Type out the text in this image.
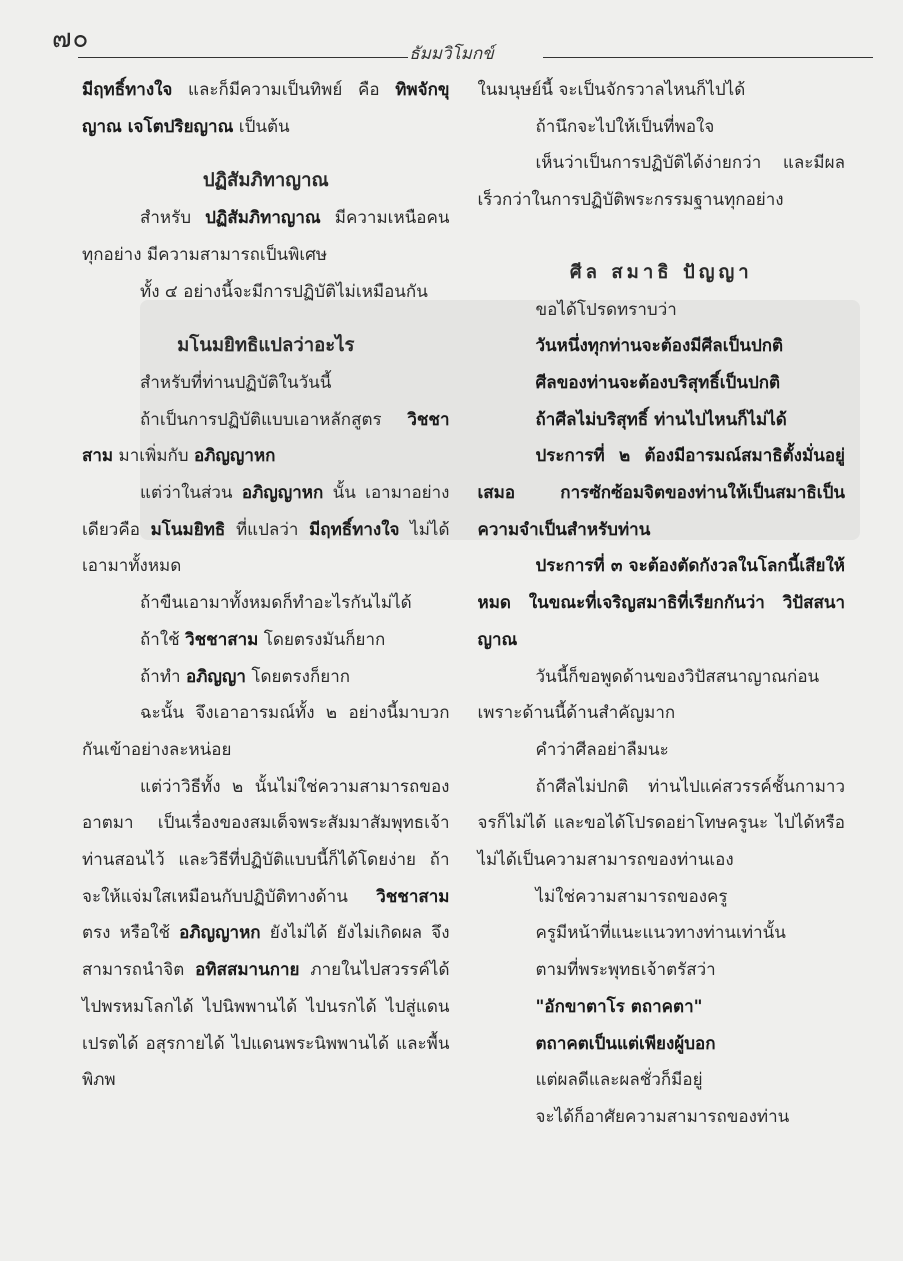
๗๐	ธัมมวิโมกข์

มีฤทธิ์ทางใจ และก็มีความเป็นทิพย์ คือ ทิพจักขุญาณ เจโตปริยญาณ เป็นต้น

ปฏิสัมภิทาญาณ

สำหรับ ปฏิสัมภิทาญาณ มีความเหนือคนทุกอย่าง มีความสามารถเป็นพิเศษ

ทั้ง ๔ อย่างนี้จะมีการปฏิบัติไม่เหมือนกัน

มโนมยิทธิแปลว่าอะไร

สำหรับที่ท่านปฏิบัติในวันนี้

ถ้าเป็นการปฏิบัติแบบเอาหลักสูตร วิชชาสาม มาเพิ่มกับ อภิญญาหก

แต่ว่าในส่วน อภิญญาหก นั้น เอามาอย่างเดียวคือ มโนมยิทธิ ที่แปลว่า มีฤทธิ์ทางใจ ไม่ได้เอามาทั้งหมด

ถ้าขืนเอามาทั้งหมดก็ทำอะไรกันไม่ได้

ถ้าใช้ วิชชาสาม โดยตรงมันก็ยาก

ถ้าทำ อภิญญา โดยตรงก็ยาก

ฉะนั้น จึงเอาอารมณ์ทั้ง ๒ อย่างนี้มาบวกกันเข้าอย่างละหน่อย

แต่ว่าวิธีทั้ง ๒ นั้นไม่ใช่ความสามารถของอาตมา เป็นเรื่องของสมเด็จพระสัมมาสัมพุทธเจ้าท่านสอนไว้ และวิธีที่ปฏิบัติแบบนี้ก็ได้โดยง่าย ถ้าจะให้แจ่มใสเหมือนกับปฏิบัติทางด้าน วิชชาสาม ตรง หรือใช้ อภิญญาหก ยังไม่ได้ ยังไม่เกิดผล จึงสามารถนำจิต อทิสสมานกาย ภายในไปสวรรค์ได้ ไปพรหมโลกได้ ไปนิพพานได้ ไปนรกได้ ไปสู่แดนเปรตได้ อสุรกายได้ ไปแดนพระนิพพานได้ และพื้นพิภพ

ในมนุษย์นี้ จะเป็นจักรวาลไหนก็ไปได้

ถ้านึกจะไปให้เป็นที่พอใจ

เห็นว่าเป็นการปฏิบัติได้ง่ายกว่า และมีผลเร็วกว่าในการปฏิบัติพระกรรมฐานทุกอย่าง

ศีล สมาธิ ปัญญา

ขอได้โปรดทราบว่า

วันหนึ่งทุกท่านจะต้องมีศีลเป็นปกติ

ศีลของท่านจะต้องบริสุทธิ์เป็นปกติ

ถ้าศีลไม่บริสุทธิ์ ท่านไปไหนก็ไม่ได้

ประการที่ ๒ ต้องมีอารมณ์สมาธิตั้งมั่นอยู่เสมอ การซักซ้อมจิตของท่านให้เป็นสมาธิเป็นความจำเป็นสำหรับท่าน

ประการที่ ๓ จะต้องตัดกังวลในโลกนี้เสียให้หมด ในขณะที่เจริญสมาธิที่เรียกกันว่า วิปัสสนาญาณ

วันนี้ก็ขอพูดด้านของวิปัสสนาญาณก่อนเพราะด้านนี้ด้านสำคัญมาก

คำว่าศีลอย่าลืมนะ

ถ้าศีลไม่ปกติ ท่านไปแค่สวรรค์ชั้นกามาวจรก็ไม่ได้ และขอได้โปรดอย่าโทษครูนะ ไปได้หรือไม่ได้เป็นความสามารถของท่านเอง

ไม่ใช่ความสามารถของครู

ครูมีหน้าที่แนะแนวทางท่านเท่านั้น

ตามที่พระพุทธเจ้าตรัสว่า

"อักขาตาโร ตถาคตา"

ตถาคตเป็นแต่เพียงผู้บอก

แต่ผลดีและผลชั่วก็มีอยู่

จะได้ก็อาศัยความสามารถของท่าน
